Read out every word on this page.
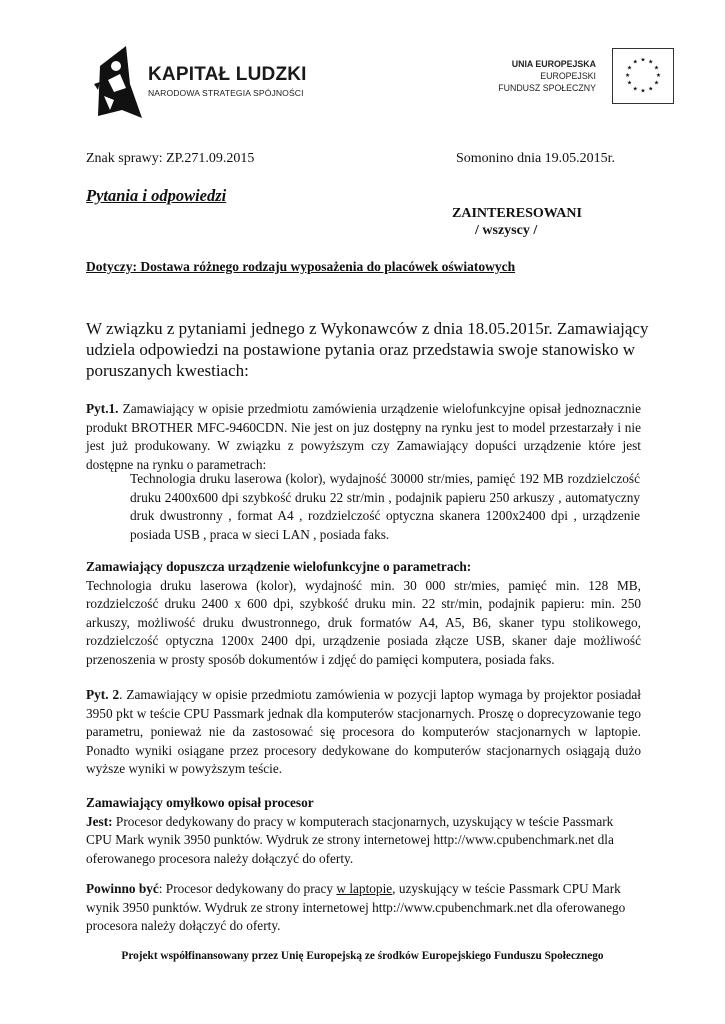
KAPITAŁ LUDZKI
NARODOWA STRATEGIA SPÓJNOŚCI
UNIA EUROPEJSKA
EUROPEJSKI
FUNDUSZ SPOŁECZNY
★ ★
★
★
★
★
★
★
★
★
★
★
Znak sprawy: ZP.271.09.2015	Somonino dnia 19.05.2015r.
Pytania i odpowiedzi
ZAINTERESOWANI
/ wszyscy /
Dotyczy: Dostawa różnego rodzaju wyposażenia do placówek oświatowych
W związku z pytaniami jednego z Wykonawców z dnia 18.05.2015r. Zamawiający udziela odpowiedzi na postawione pytania oraz przedstawia swoje stanowisko w poruszanych kwestiach:
Pyt.1. Zamawiający w opisie przedmiotu zamówienia urządzenie wielofunkcyjne opisał jednoznacznie produkt BROTHER MFC-9460CDN. Nie jest on juz dostępny na rynku jest to model przestarzały i nie jest już produkowany. W związku z powyższym czy Zamawiający dopuści urządzenie które jest dostępne na rynku o parametrach:
Technologia druku laserowa (kolor), wydajność 30000 str/mies, pamięć 192 MB rozdzielczość druku 2400x600 dpi szybkość druku 22 str/min , podajnik papieru 250 arkuszy , automatyczny druk dwustronny , format A4 , rozdzielczość optyczna skanera 1200x2400 dpi , urządzenie posiada USB , praca w sieci LAN , posiada faks.
Zamawiający dopuszcza urządzenie wielofunkcyjne o parametrach:
Technologia druku laserowa (kolor), wydajność min. 30 000 str/mies, pamięć min. 128 MB, rozdzielczość druku 2400 x 600 dpi, szybkość druku min. 22 str/min, podajnik papieru: min. 250 arkuszy, możliwość druku dwustronnego, druk formatów A4, A5, B6, skaner typu stolikowego, rozdzielczość optyczna 1200x 2400 dpi, urządzenie posiada złącze USB, skaner daje możliwość przenoszenia w prosty sposób dokumentów i zdjęć do pamięci komputera, posiada faks.
Pyt. 2. Zamawiający w opisie przedmiotu zamówienia w pozycji laptop wymaga by projektor posiadał 3950 pkt w teście CPU Passmark jednak dla komputerów stacjonarnych. Proszę o doprecyzowanie tego parametru, ponieważ nie da zastosować się procesora do komputerów stacjonarnych w laptopie. Ponadto wyniki osiągane przez procesory dedykowane do komputerów stacjonarnych osiągają dużo wyższe wyniki w powyższym teście.
Zamawiający omyłkowo opisał procesor
Jest: Procesor dedykowany do pracy w komputerach stacjonarnych, uzyskujący w teście Passmark CPU Mark wynik 3950 punktów. Wydruk ze strony internetowej http://www.cpubenchmark.net dla oferowanego procesora należy dołączyć do oferty.
Powinno być: Procesor dedykowany do pracy w laptopie, uzyskujący w teście Passmark CPU Mark wynik 3950 punktów. Wydruk ze strony internetowej http://www.cpubenchmark.net dla oferowanego procesora należy dołączyć do oferty.
Projekt współfinansowany przez Unię Europejską ze środków Europejskiego Funduszu Społecznego
